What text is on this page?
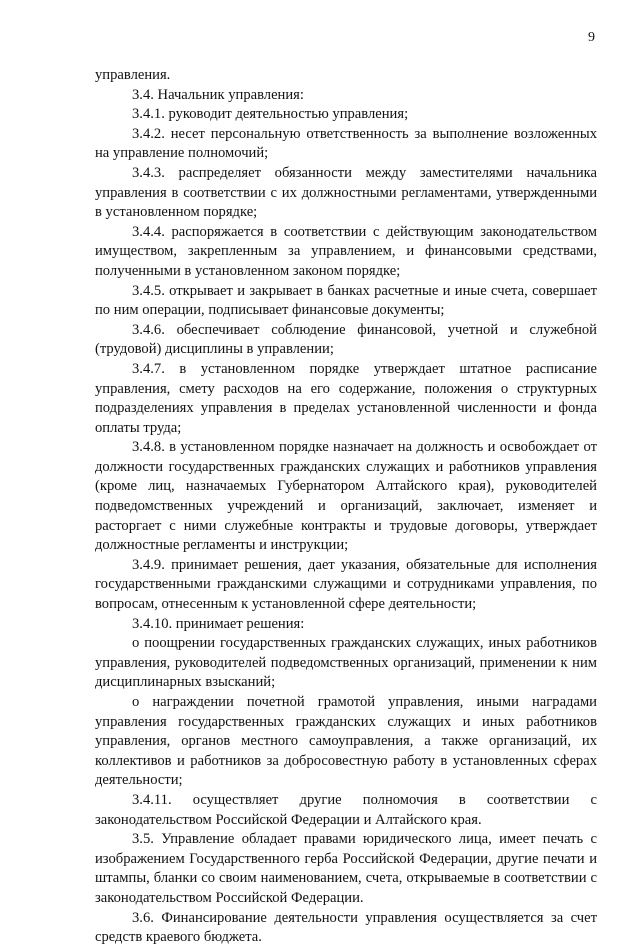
9

управления.

3.4. Начальник управления:

3.4.1. руководит деятельностью управления;

3.4.2. несет персональную ответственность за выполнение возложенных на управление полномочий;

3.4.3. распределяет обязанности между заместителями начальника управления в соответствии с их должностными регламентами, утвержденными в установленном порядке;

3.4.4. распоряжается в соответствии с действующим законодательством имуществом, закрепленным за управлением, и финансовыми средствами, полученными в установленном законом порядке;

3.4.5. открывает и закрывает в банках расчетные и иные счета, совершает по ним операции, подписывает финансовые документы;

3.4.6. обеспечивает соблюдение финансовой, учетной и служебной (трудовой) дисциплины в управлении;

3.4.7. в установленном порядке утверждает штатное расписание управления, смету расходов на его содержание, положения о структурных подразделениях управления в пределах установленной численности и фонда оплаты труда;

3.4.8. в установленном порядке назначает на должность и освобождает от должности государственных гражданских служащих и работников управления (кроме лиц, назначаемых Губернатором Алтайского края), руководителей подведомственных учреждений и организаций, заключает, изменяет и расторгает с ними служебные контракты и трудовые договоры, утверждает должностные регламенты и инструкции;

3.4.9. принимает решения, дает указания, обязательные для исполнения государственными гражданскими служащими и сотрудниками управления, по вопросам, отнесенным к установленной сфере деятельности;

3.4.10. принимает решения:

о поощрении государственных гражданских служащих, иных работников управления, руководителей подведомственных организаций, применении к ним дисциплинарных взысканий;

о награждении почетной грамотой управления, иными наградами управления государственных гражданских служащих и иных работников управления, органов местного самоуправления, а также организаций, их коллективов и работников за добросовестную работу в установленных сферах деятельности;

3.4.11. осуществляет другие полномочия в соответствии с законодательством Российской Федерации и Алтайского края.

3.5. Управление обладает правами юридического лица, имеет печать с изображением Государственного герба Российской Федерации, другие печати и штампы, бланки со своим наименованием, счета, открываемые в соответствии с законодательством Российской Федерации.

3.6. Финансирование деятельности управления осуществляется за счет средств краевого бюджета.
